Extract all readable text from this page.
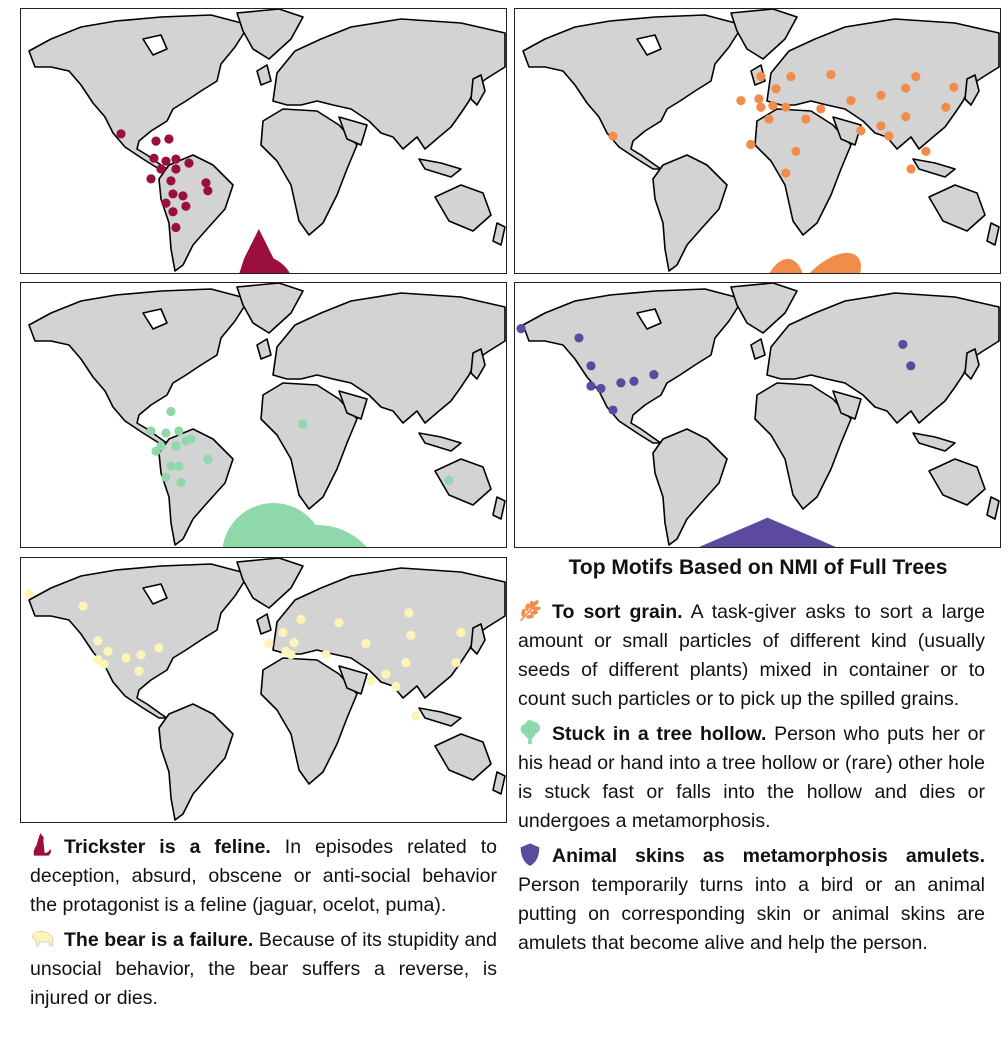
Top Motifs Based on NMI of Full Trees

To sort grain. A task-giver asks to sort a large amount or small particles of different kind (usually seeds of different plants) mixed in container or to count such particles or to pick up the spilled grains.

Stuck in a tree hollow. Person who puts her or his head or hand into a tree hollow or (rare) other hole is stuck fast or falls into the hollow and dies or undergoes a metamorphosis.

Animal skins as metamorphosis amulets. Person temporarily turns into a bird or an animal putting on corresponding skin or animal skins are amulets that become alive and help the person.

Trickster is a feline. In episodes related to deception, absurd, obscene or anti-social behavior the protagonist is a feline (jaguar, ocelot, puma).

The bear is a failure. Because of its stupidity and unsocial behavior, the bear suffers a reverse, is injured or dies.
